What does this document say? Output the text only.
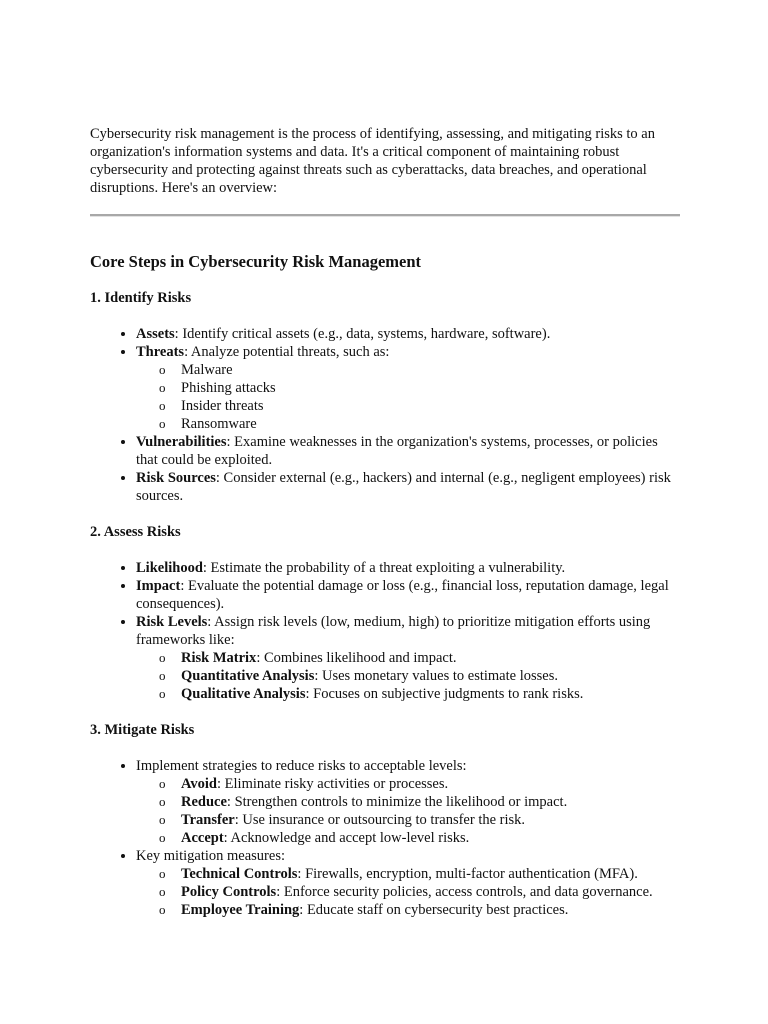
Cybersecurity risk management is the process of identifying, assessing, and mitigating risks to an organization's information systems and data. It's a critical component of maintaining robust cybersecurity and protecting against threats such as cyberattacks, data breaches, and operational disruptions. Here's an overview:

Core Steps in Cybersecurity Risk Management
1. Identify Risks
• Assets: Identify critical assets (e.g., data, systems, hardware, software).
• Threats: Analyze potential threats, such as:
o Malware
o Phishing attacks
o Insider threats
o Ransomware
• Vulnerabilities: Examine weaknesses in the organization's systems, processes, or policies that could be exploited.
• Risk Sources: Consider external (e.g., hackers) and internal (e.g., negligent employees) risk sources.
2. Assess Risks
• Likelihood: Estimate the probability of a threat exploiting a vulnerability.
• Impact: Evaluate the potential damage or loss (e.g., financial loss, reputation damage, legal consequences).
• Risk Levels: Assign risk levels (low, medium, high) to prioritize mitigation efforts using frameworks like:
o Risk Matrix: Combines likelihood and impact.
o Quantitative Analysis: Uses monetary values to estimate losses.
o Qualitative Analysis: Focuses on subjective judgments to rank risks.
3. Mitigate Risks
• Implement strategies to reduce risks to acceptable levels:
o Avoid: Eliminate risky activities or processes.
o Reduce: Strengthen controls to minimize the likelihood or impact.
o Transfer: Use insurance or outsourcing to transfer the risk.
o Accept: Acknowledge and accept low-level risks.
• Key mitigation measures:
o Technical Controls: Firewalls, encryption, multi-factor authentication (MFA).
o Policy Controls: Enforce security policies, access controls, and data governance.
o Employee Training: Educate staff on cybersecurity best practices.
